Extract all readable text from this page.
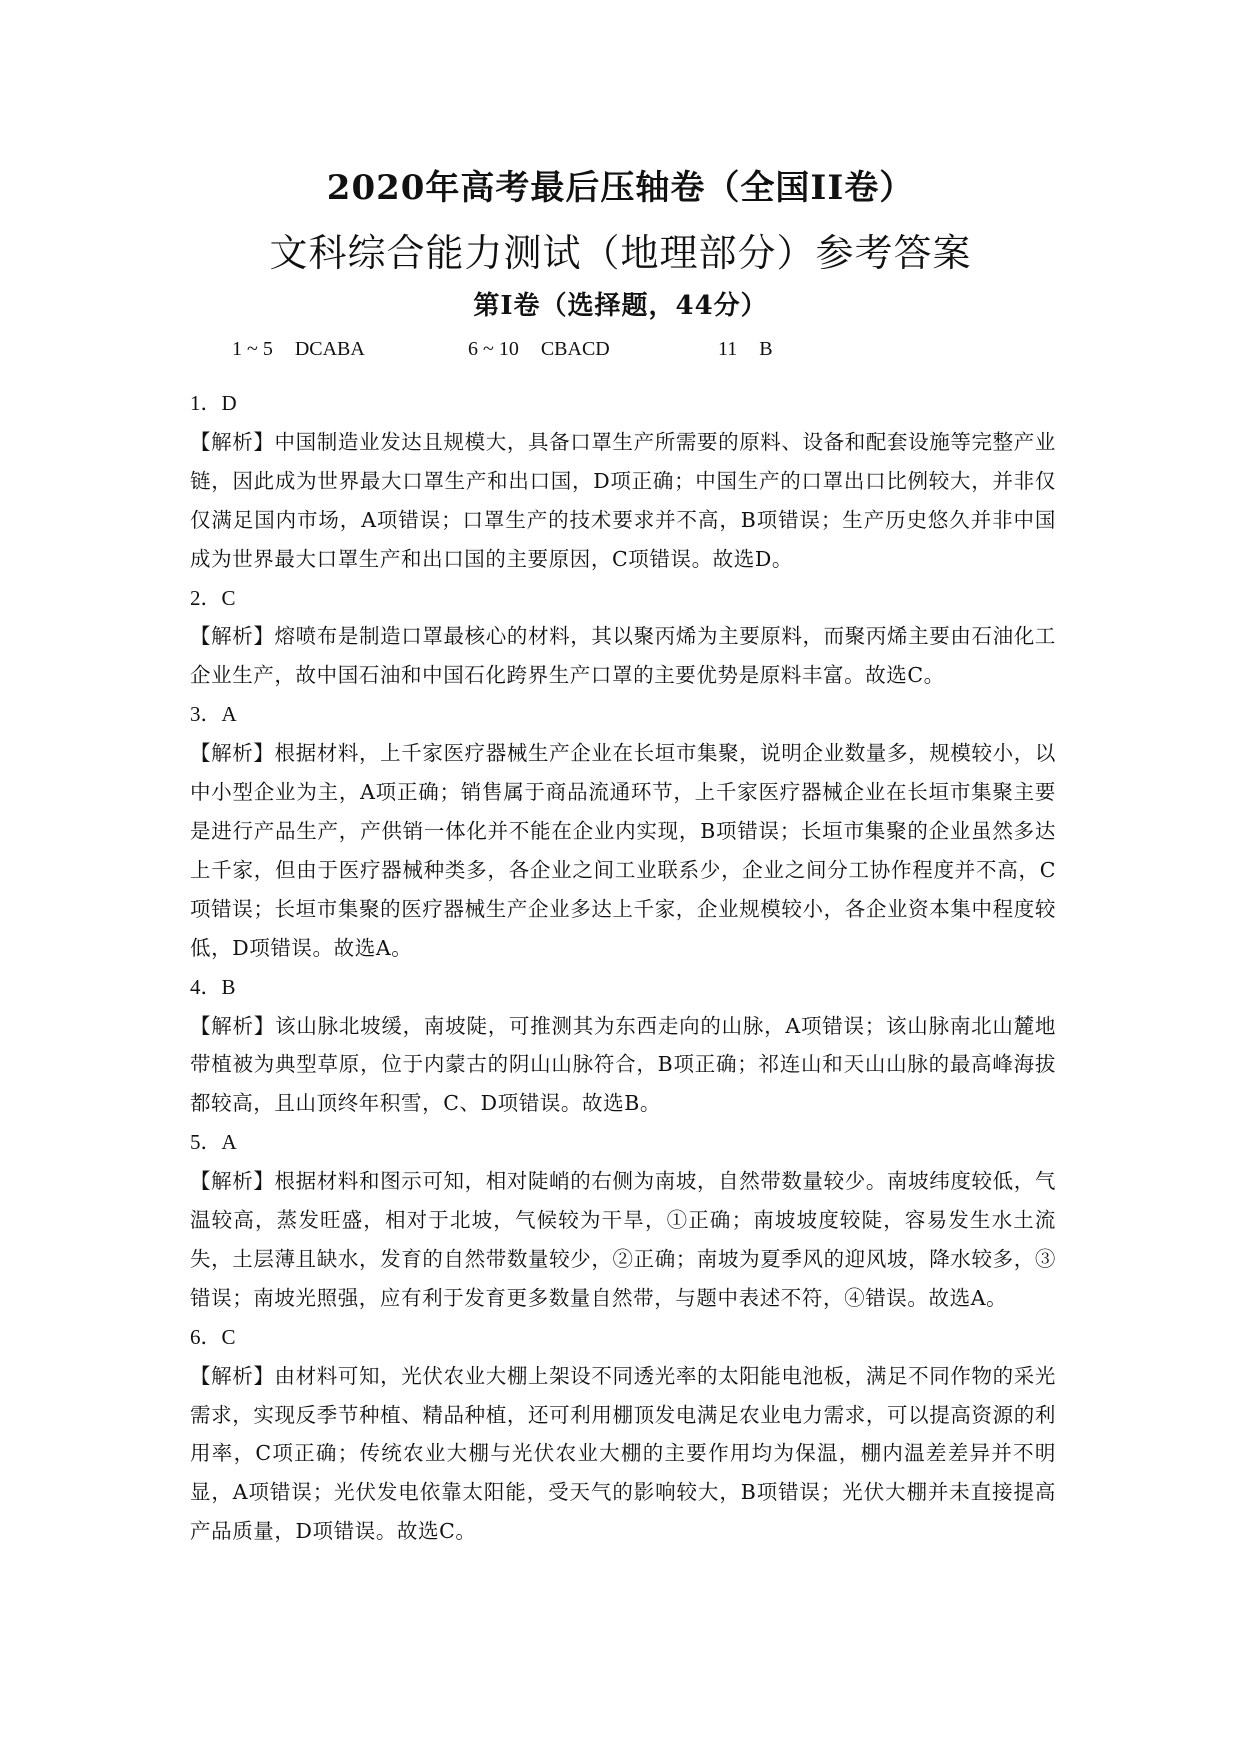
2020年高考最后压轴卷（全国II卷）
文科综合能力测试（地理部分）参考答案
第I卷（选择题，44分）
1 ~ 5 DCABA	6 ~ 10 CBACD	11 B
1．D
【解析】中国制造业发达且规模大，具备口罩生产所需要的原料、设备和配套设施等完整产业链，因此成为世界最大口罩生产和出口国，D项正确；中国生产的口罩出口比例较大，并非仅仅满足国内市场，A项错误；口罩生产的技术要求并不高，B项错误；生产历史悠久并非中国成为世界最大口罩生产和出口国的主要原因，C项错误。故选D。
2．C
【解析】熔喷布是制造口罩最核心的材料，其以聚丙烯为主要原料，而聚丙烯主要由石油化工企业生产，故中国石油和中国石化跨界生产口罩的主要优势是原料丰富。故选C。
3．A
【解析】根据材料，上千家医疗器械生产企业在长垣市集聚，说明企业数量多，规模较小，以中小型企业为主，A项正确；销售属于商品流通环节，上千家医疗器械企业在长垣市集聚主要是进行产品生产，产供销一体化并不能在企业内实现，B项错误；长垣市集聚的企业虽然多达上千家，但由于医疗器械种类多，各企业之间工业联系少，企业之间分工协作程度并不高，C项错误；长垣市集聚的医疗器械生产企业多达上千家，企业规模较小，各企业资本集中程度较低，D项错误。故选A。
4．B
【解析】该山脉北坡缓，南坡陡，可推测其为东西走向的山脉，A项错误；该山脉南北山麓地带植被为典型草原，位于内蒙古的阴山山脉符合，B项正确；祁连山和天山山脉的最高峰海拔都较高，且山顶终年积雪，C、D项错误。故选B。
5．A
【解析】根据材料和图示可知，相对陡峭的右侧为南坡，自然带数量较少。南坡纬度较低，气温较高，蒸发旺盛，相对于北坡，气候较为干旱，①正确；南坡坡度较陡，容易发生水土流失，土层薄且缺水，发育的自然带数量较少，②正确；南坡为夏季风的迎风坡，降水较多，③错误；南坡光照强，应有利于发育更多数量自然带，与题中表述不符，④错误。故选A。
6．C
【解析】由材料可知，光伏农业大棚上架设不同透光率的太阳能电池板，满足不同作物的采光需求，实现反季节种植、精品种植，还可利用棚顶发电满足农业电力需求，可以提高资源的利用率，C项正确；传统农业大棚与光伏农业大棚的主要作用均为保温，棚内温差差异并不明显，A项错误；光伏发电依靠太阳能，受天气的影响较大，B项错误；光伏大棚并未直接提高产品质量，D项错误。故选C。
